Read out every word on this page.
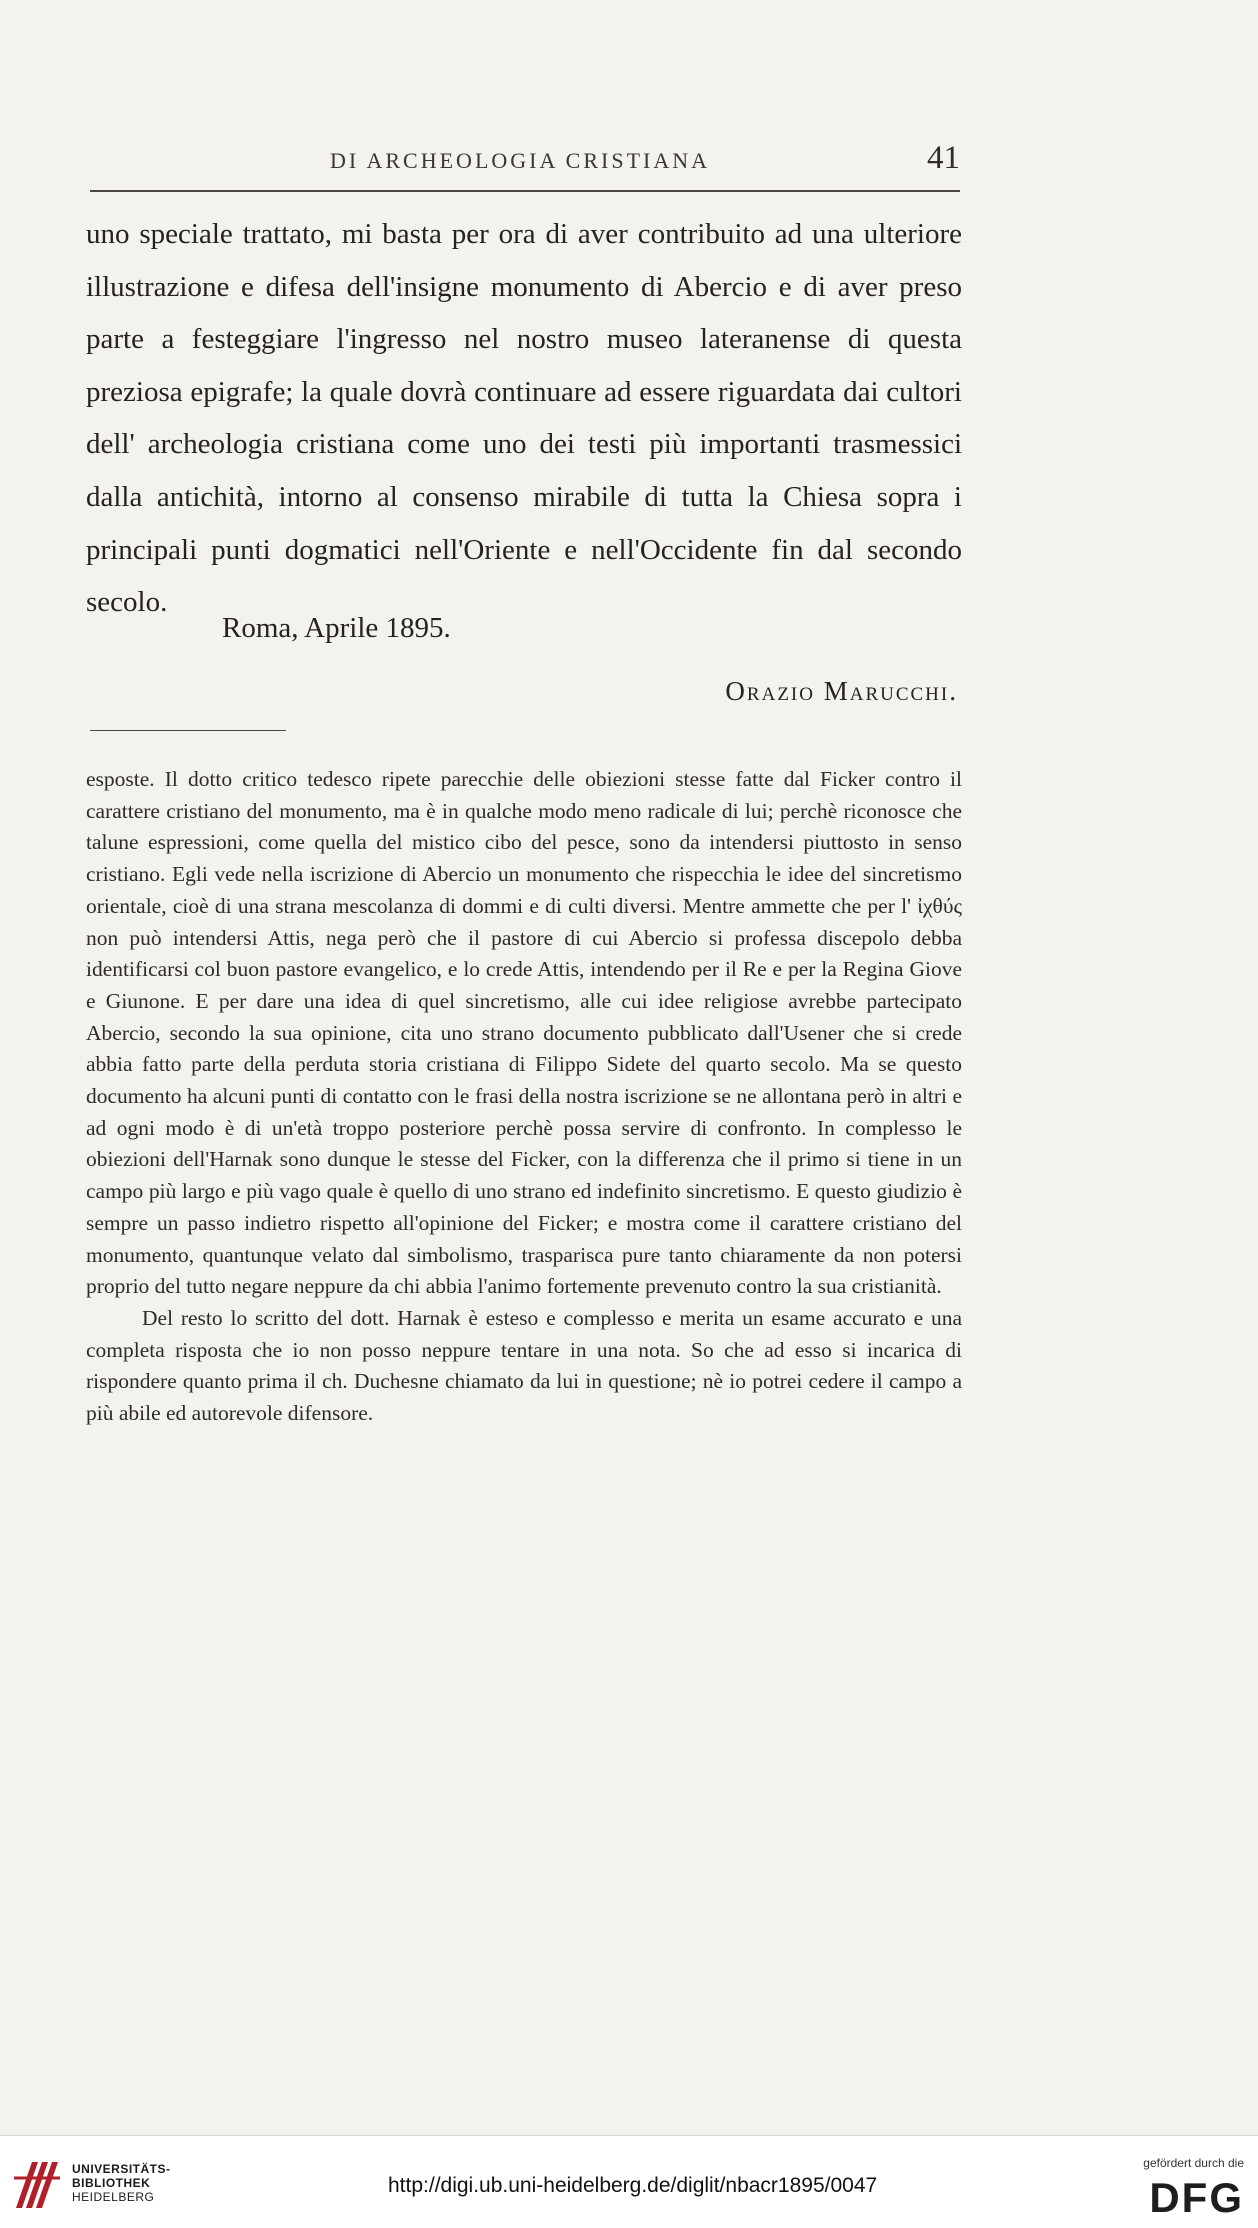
DI ARCHEOLOGIA CRISTIANA	41

uno speciale trattato, mi basta per ora di aver contribuito ad una ulteriore illustrazione e difesa dell'insigne monumento di Abercio e di aver preso parte a festeggiare l'ingresso nel nostro museo lateranense di questa preziosa epigrafe; la quale dovrà continuare ad essere riguardata dai cultori dell' archeologia cristiana come uno dei testi più importanti trasmessici dalla antichità, intorno al consenso mirabile di tutta la Chiesa sopra i principali punti dogmatici nell'Oriente e nell'Occidente fin dal secondo secolo.

Roma, Aprile 1895.
Orazio Marucchi.

esposte. Il dotto critico tedesco ripete parecchie delle obiezioni stesse fatte dal Ficker contro il carattere cristiano del monumento, ma è in qualche modo meno radicale di lui; perchè riconosce che talune espressioni, come quella del mistico cibo del pesce, sono da intendersi piuttosto in senso cristiano. Egli vede nella iscrizione di Abercio un monumento che rispecchia le idee del sincretismo orientale, cioè di una strana mescolanza di dommi e di culti diversi. Mentre ammette che per l' ἰχθύς non può intendersi Attis, nega però che il pastore di cui Abercio si professa discepolo debba identificarsi col buon pastore evangelico, e lo crede Attis, intendendo per il Re e per la Regina Giove e Giunone. E per dare una idea di quel sincretismo, alle cui idee religiose avrebbe partecipato Abercio, secondo la sua opinione, cita uno strano documento pubblicato dall'Usener che si crede abbia fatto parte della perduta storia cristiana di Filippo Sidete del quarto secolo. Ma se questo documento ha alcuni punti di contatto con le frasi della nostra iscrizione se ne allontana però in altri e ad ogni modo è di un'età troppo posteriore perchè possa servire di confronto. In complesso le obiezioni dell'Harnak sono dunque le stesse del Ficker, con la differenza che il primo si tiene in un campo più largo e più vago quale è quello di uno strano ed indefinito sincretismo. E questo giudizio è sempre un passo indietro rispetto all'opinione del Ficker; e mostra come il carattere cristiano del monumento, quantunque velato dal simbolismo, trasparisca pure tanto chiaramente da non potersi proprio del tutto negare neppure da chi abbia l'animo fortemente prevenuto contro la sua cristianità.

Del resto lo scritto del dott. Harnak è esteso e complesso e merita un esame accurato e una completa risposta che io non posso neppure tentare in una nota. So che ad esso si incarica di rispondere quanto prima il ch. Duchesne chiamato da lui in questione; nè io potrei cedere il campo a più abile ed autorevole difensore.

UNIVERSITÄTS-
BIBLIOTHEK
HEIDELBERG	http://digi.ub.uni-heidelberg.de/diglit/nbacr1895/0047
gefördert durch die
DFG
